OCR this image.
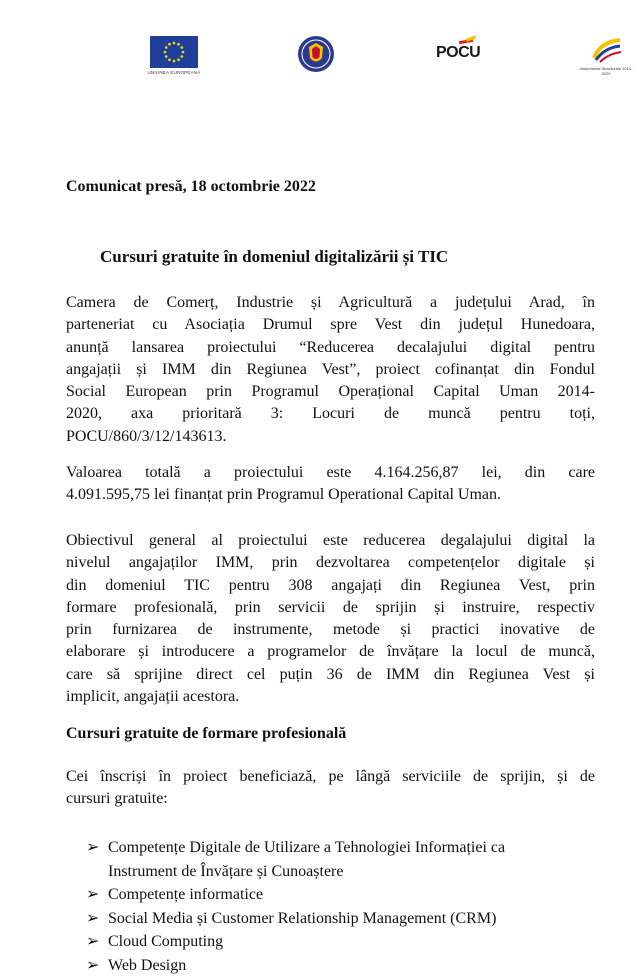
UNIUNEA EUROPEANĂ
POCU
Instrumente Structurale 2014-2020
Comunicat presă, 18 octombrie 2022
Cursuri gratuite în domeniul digitalizării și TIC
Camera de Comerț, Industrie și Agricultură a județului Arad, în
parteneriat cu Asociația Drumul spre Vest din județul Hunedoara,
anunță lansarea proiectului “Reducerea decalajului digital pentru
angajații și IMM din Regiunea Vest”, proiect cofinanțat din Fondul
Social European prin Programul Operațional Capital Uman 2014-
2020, axa prioritară 3: Locuri de muncă pentru toți,
POCU/860/3/12/143613.
Valoarea totală a proiectului este 4.164.256,87 lei, din care
4.091.595,75 lei finanțat prin Programul Operational Capital Uman.
Obiectivul general al proiectului este reducerea degalajului digital la
nivelul angajaților IMM, prin dezvoltarea competențelor digitale și
din domeniul TIC pentru 308 angajați din Regiunea Vest, prin
formare profesională, prin servicii de sprijin și instruire, respectiv
prin furnizarea de instrumente, metode și practici inovative de
elaborare și introducere a programelor de învățare la locul de muncă,
care să sprijine direct cel puțin 36 de IMM din Regiunea Vest și
implicit, angajații acestora.
Cursuri gratuite de formare profesională
Cei înscriși în proiect beneficiază, pe lângă serviciile de sprijin, și de
cursuri gratuite:
➢ Competențe Digitale de Utilizare a Tehnologiei Informației ca
Instrument de Învățare și Cunoaștere
➢ Competențe informatice
➢ Social Media și Customer Relationship Management (CRM)
➢ Cloud Computing
➢ Web Design
